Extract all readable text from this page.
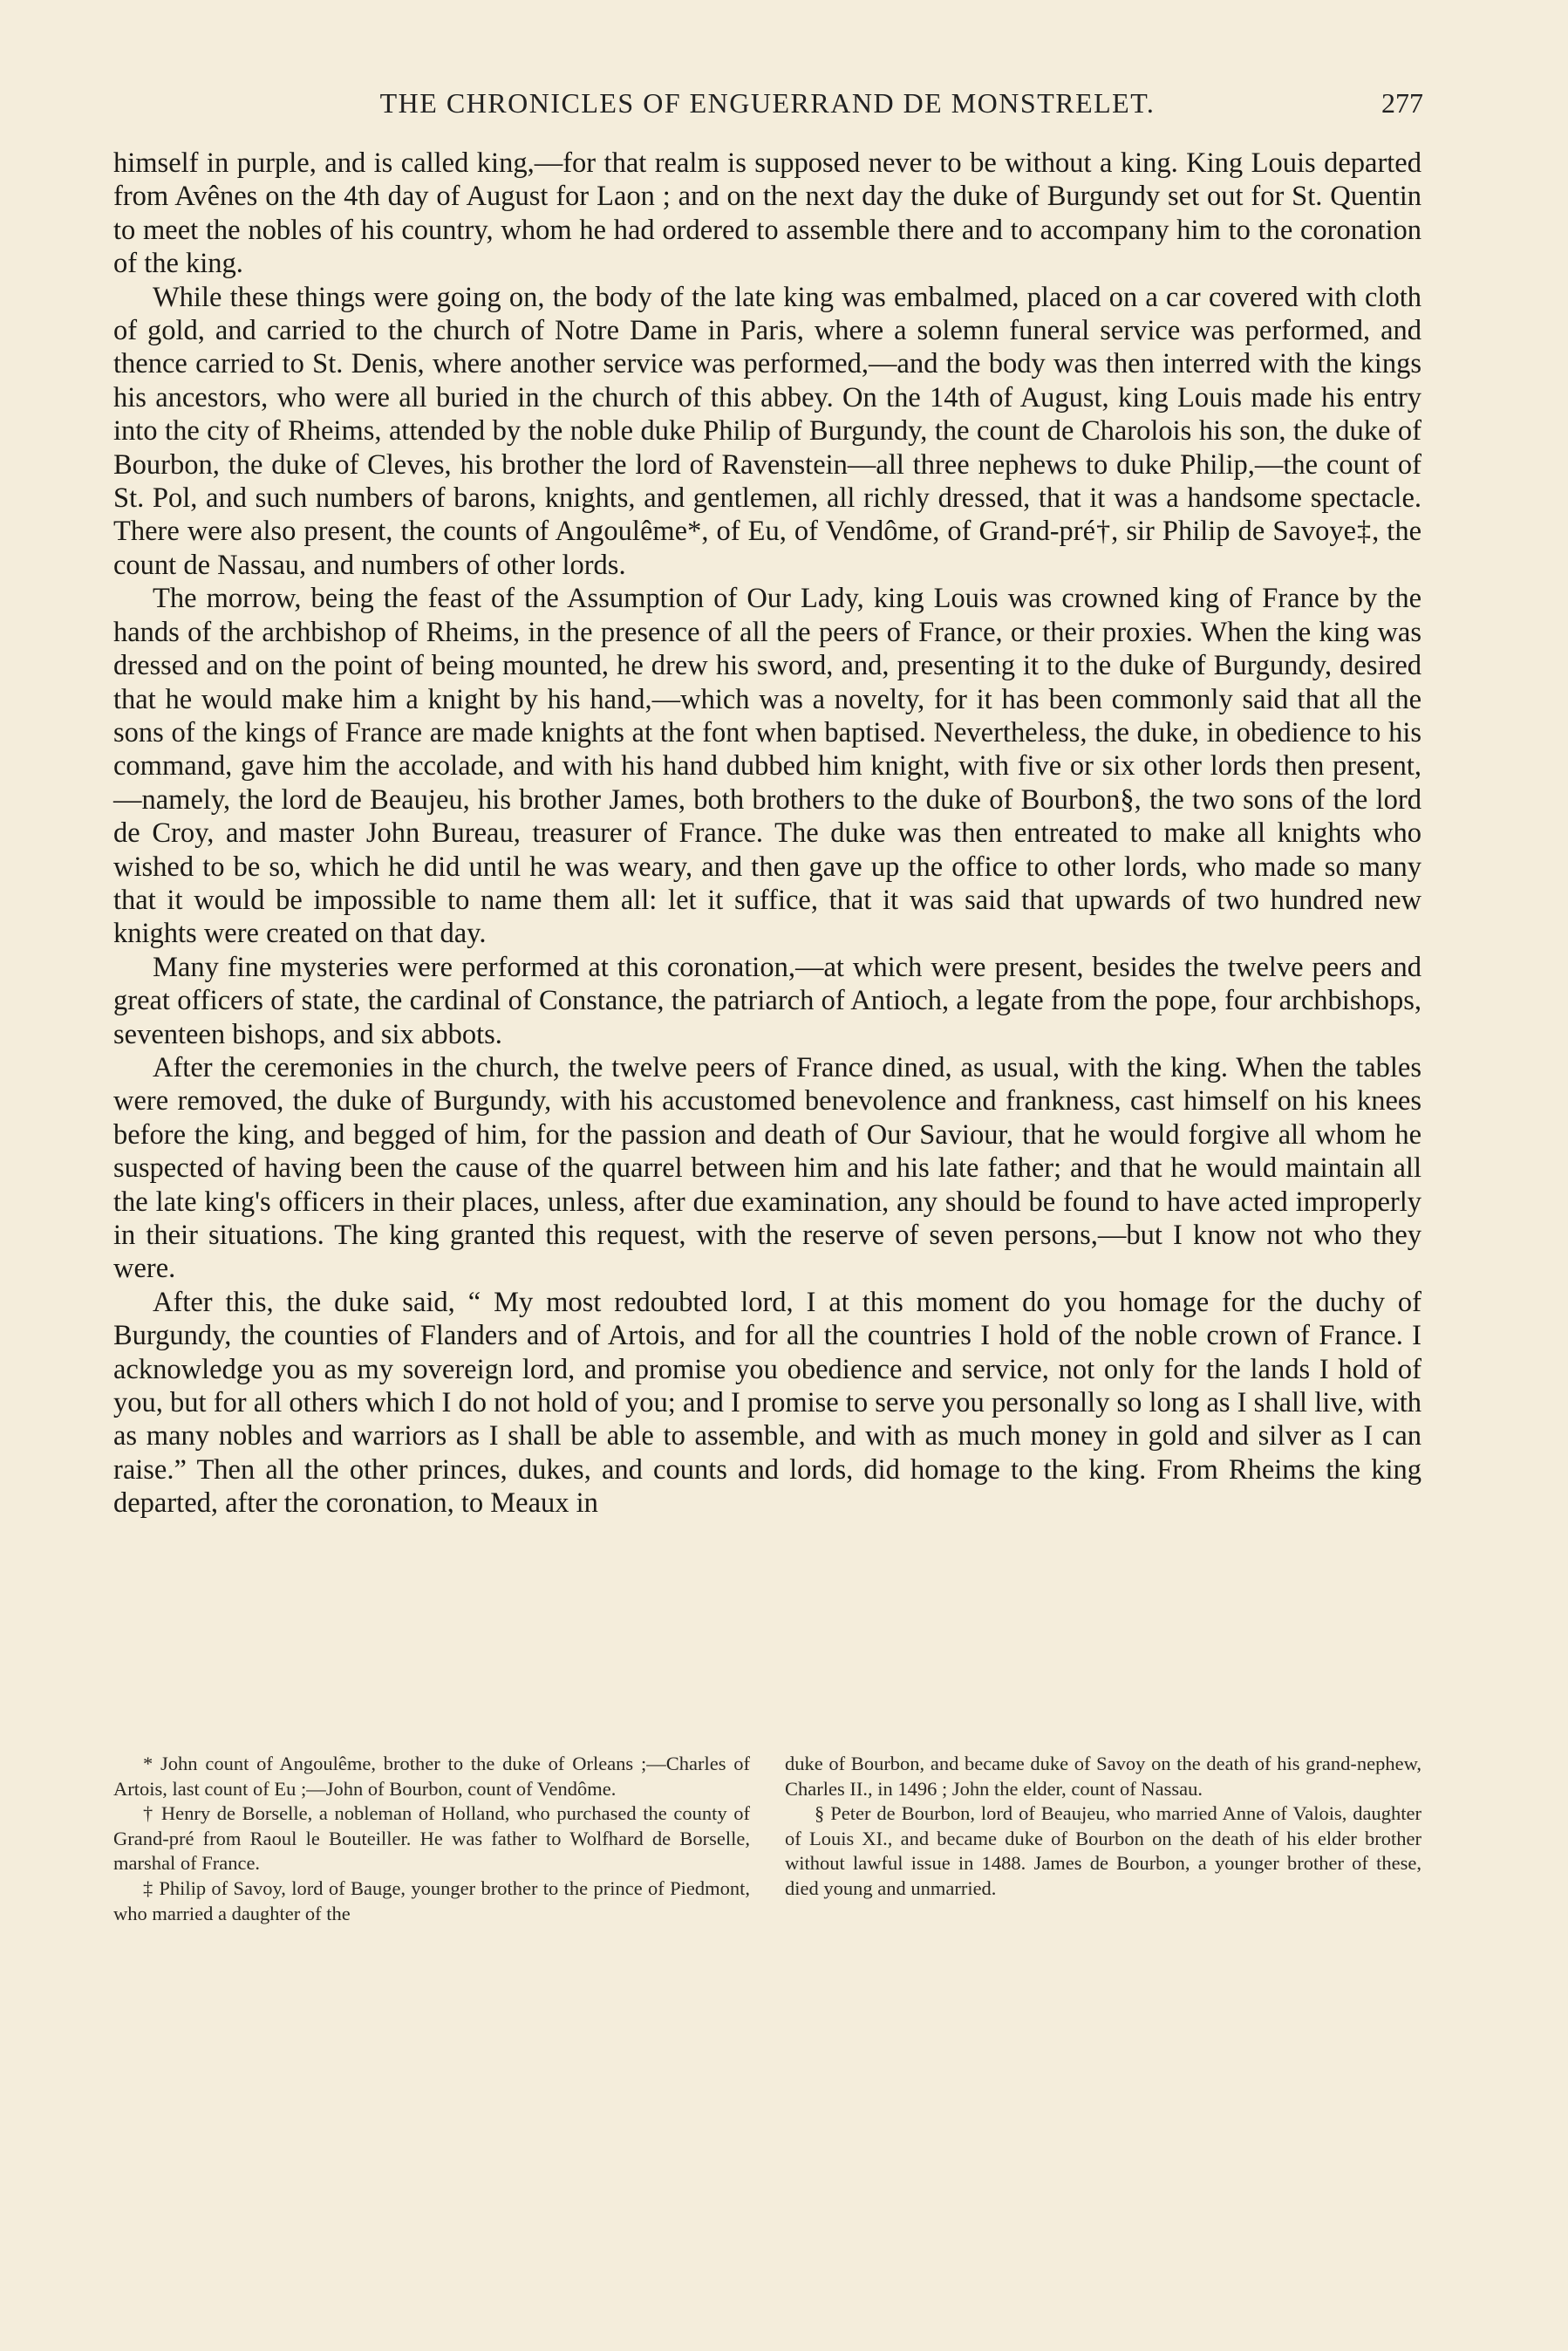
THE CHRONICLES OF ENGUERRAND DE MONSTRELET.	277

himself in purple, and is called king,—for that realm is supposed never to be without a king. King Louis departed from Avênes on the 4th day of August for Laon ; and on the next day the duke of Burgundy set out for St. Quentin to meet the nobles of his country, whom he had ordered to assemble there and to accompany him to the coronation of the king.

While these things were going on, the body of the late king was embalmed, placed on a car covered with cloth of gold, and carried to the church of Notre Dame in Paris, where a solemn funeral service was performed, and thence carried to St. Denis, where another service was performed,—and the body was then interred with the kings his ancestors, who were all buried in the church of this abbey. On the 14th of August, king Louis made his entry into the city of Rheims, attended by the noble duke Philip of Burgundy, the count de Charolois his son, the duke of Bourbon, the duke of Cleves, his brother the lord of Ravenstein—all three nephews to duke Philip,—the count of St. Pol, and such numbers of barons, knights, and gentlemen, all richly dressed, that it was a handsome spectacle. There were also present, the counts of Angoulême*, of Eu, of Vendôme, of Grand-pré†, sir Philip de Savoye‡, the count de Nassau, and numbers of other lords.

The morrow, being the feast of the Assumption of Our Lady, king Louis was crowned king of France by the hands of the archbishop of Rheims, in the presence of all the peers of France, or their proxies. When the king was dressed and on the point of being mounted, he drew his sword, and, presenting it to the duke of Burgundy, desired that he would make him a knight by his hand,—which was a novelty, for it has been commonly said that all the sons of the kings of France are made knights at the font when baptised. Nevertheless, the duke, in obedience to his command, gave him the accolade, and with his hand dubbed him knight, with five or six other lords then present,—namely, the lord de Beaujeu, his brother James, both brothers to the duke of Bourbon§, the two sons of the lord de Croy, and master John Bureau, treasurer of France. The duke was then entreated to make all knights who wished to be so, which he did until he was weary, and then gave up the office to other lords, who made so many that it would be impossible to name them all: let it suffice, that it was said that upwards of two hundred new knights were created on that day.

Many fine mysteries were performed at this coronation,—at which were present, besides the twelve peers and great officers of state, the cardinal of Constance, the patriarch of Antioch, a legate from the pope, four archbishops, seventeen bishops, and six abbots.

After the ceremonies in the church, the twelve peers of France dined, as usual, with the king. When the tables were removed, the duke of Burgundy, with his accustomed benevolence and frankness, cast himself on his knees before the king, and begged of him, for the passion and death of Our Saviour, that he would forgive all whom he suspected of having been the cause of the quarrel between him and his late father; and that he would maintain all the late king's officers in their places, unless, after due examination, any should be found to have acted improperly in their situations. The king granted this request, with the reserve of seven persons,—but I know not who they were.

After this, the duke said, “ My most redoubted lord, I at this moment do you homage for the duchy of Burgundy, the counties of Flanders and of Artois, and for all the countries I hold of the noble crown of France. I acknowledge you as my sovereign lord, and promise you obedience and service, not only for the lands I hold of you, but for all others which I do not hold of you; and I promise to serve you personally so long as I shall live, with as many nobles and warriors as I shall be able to assemble, and with as much money in gold and silver as I can raise.” Then all the other princes, dukes, and counts and lords, did homage to the king. From Rheims the king departed, after the coronation, to Meaux in

* John count of Angoulême, brother to the duke of Orleans ;—Charles of Artois, last count of Eu ;—John of Bourbon, count of Vendôme.

† Henry de Borselle, a nobleman of Holland, who purchased the county of Grand-pré from Raoul le Bouteiller. He was father to Wolfhard de Borselle, marshal of France.

‡ Philip of Savoy, lord of Bauge, younger brother to the prince of Piedmont, who married a daughter of the

duke of Bourbon, and became duke of Savoy on the death of his grand-nephew, Charles II., in 1496 ; John the elder, count of Nassau.

§ Peter de Bourbon, lord of Beaujeu, who married Anne of Valois, daughter of Louis XI., and became duke of Bourbon on the death of his elder brother without lawful issue in 1488. James de Bourbon, a younger brother of these, died young and unmarried.
